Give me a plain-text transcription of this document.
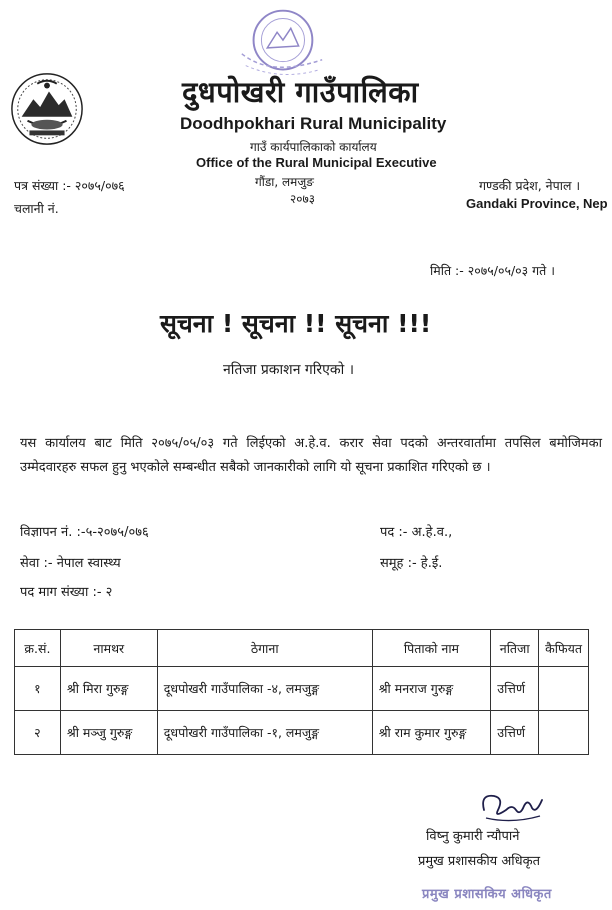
दुधपोखरी गाउँपालिका
Doodhpokhari Rural Municipality
गाउँ कार्यपालिकाको कार्यालय
Office of the Rural Municipal Executive
गौंडा, लमजुङ
२०७३
पत्र संख्या :- २०७५/०७६
चलानी नं.
गण्डकी प्रदेश, नेपाल ।
Gandaki Province, Nep
मिति :- २०७५/०५/०३ गते ।
सूचना ! सूचना !! सूचना !!!
नतिजा प्रकाशन गरिएको ।
यस कार्यालय बाट मिति २०७५/०५/०३ गते लिईएको अ.हे.व. करार सेवा पदको अन्तरवार्तामा तपसिल बमोजिमका उम्मेदवारहरु सफल हुनु भएकोले सम्बन्धीत सबैको जानकारीको लागि यो सूचना प्रकाशित गरिएको छ ।
विज्ञापन नं. :-५-२०७५/०७६	पद :- अ.हे.व.,
सेवा :- नेपाल स्वास्थ्य	समूह :- हे.ई.
पद माग संख्या :- २
क्र.सं.	नामथर	ठेगाना	पिताको नाम	नतिजा	कैफियत
१	श्री मिरा गुरुङ्ग	दूधपोखरी गाउँपालिका -४, लमजुङ्ग	श्री मनराज गुरुङ्ग	उत्तिर्ण	
२	श्री मञ्जु गुरुङ्ग	दूधपोखरी गाउँपालिका -१, लमजुङ्ग	श्री राम कुमार गुरुङ्ग	उत्तिर्ण	
विष्नु कुमारी न्यौपाने
प्रमुख प्रशासकीय अधिकृत
प्रमुख प्रशासकिय अधिकृत
